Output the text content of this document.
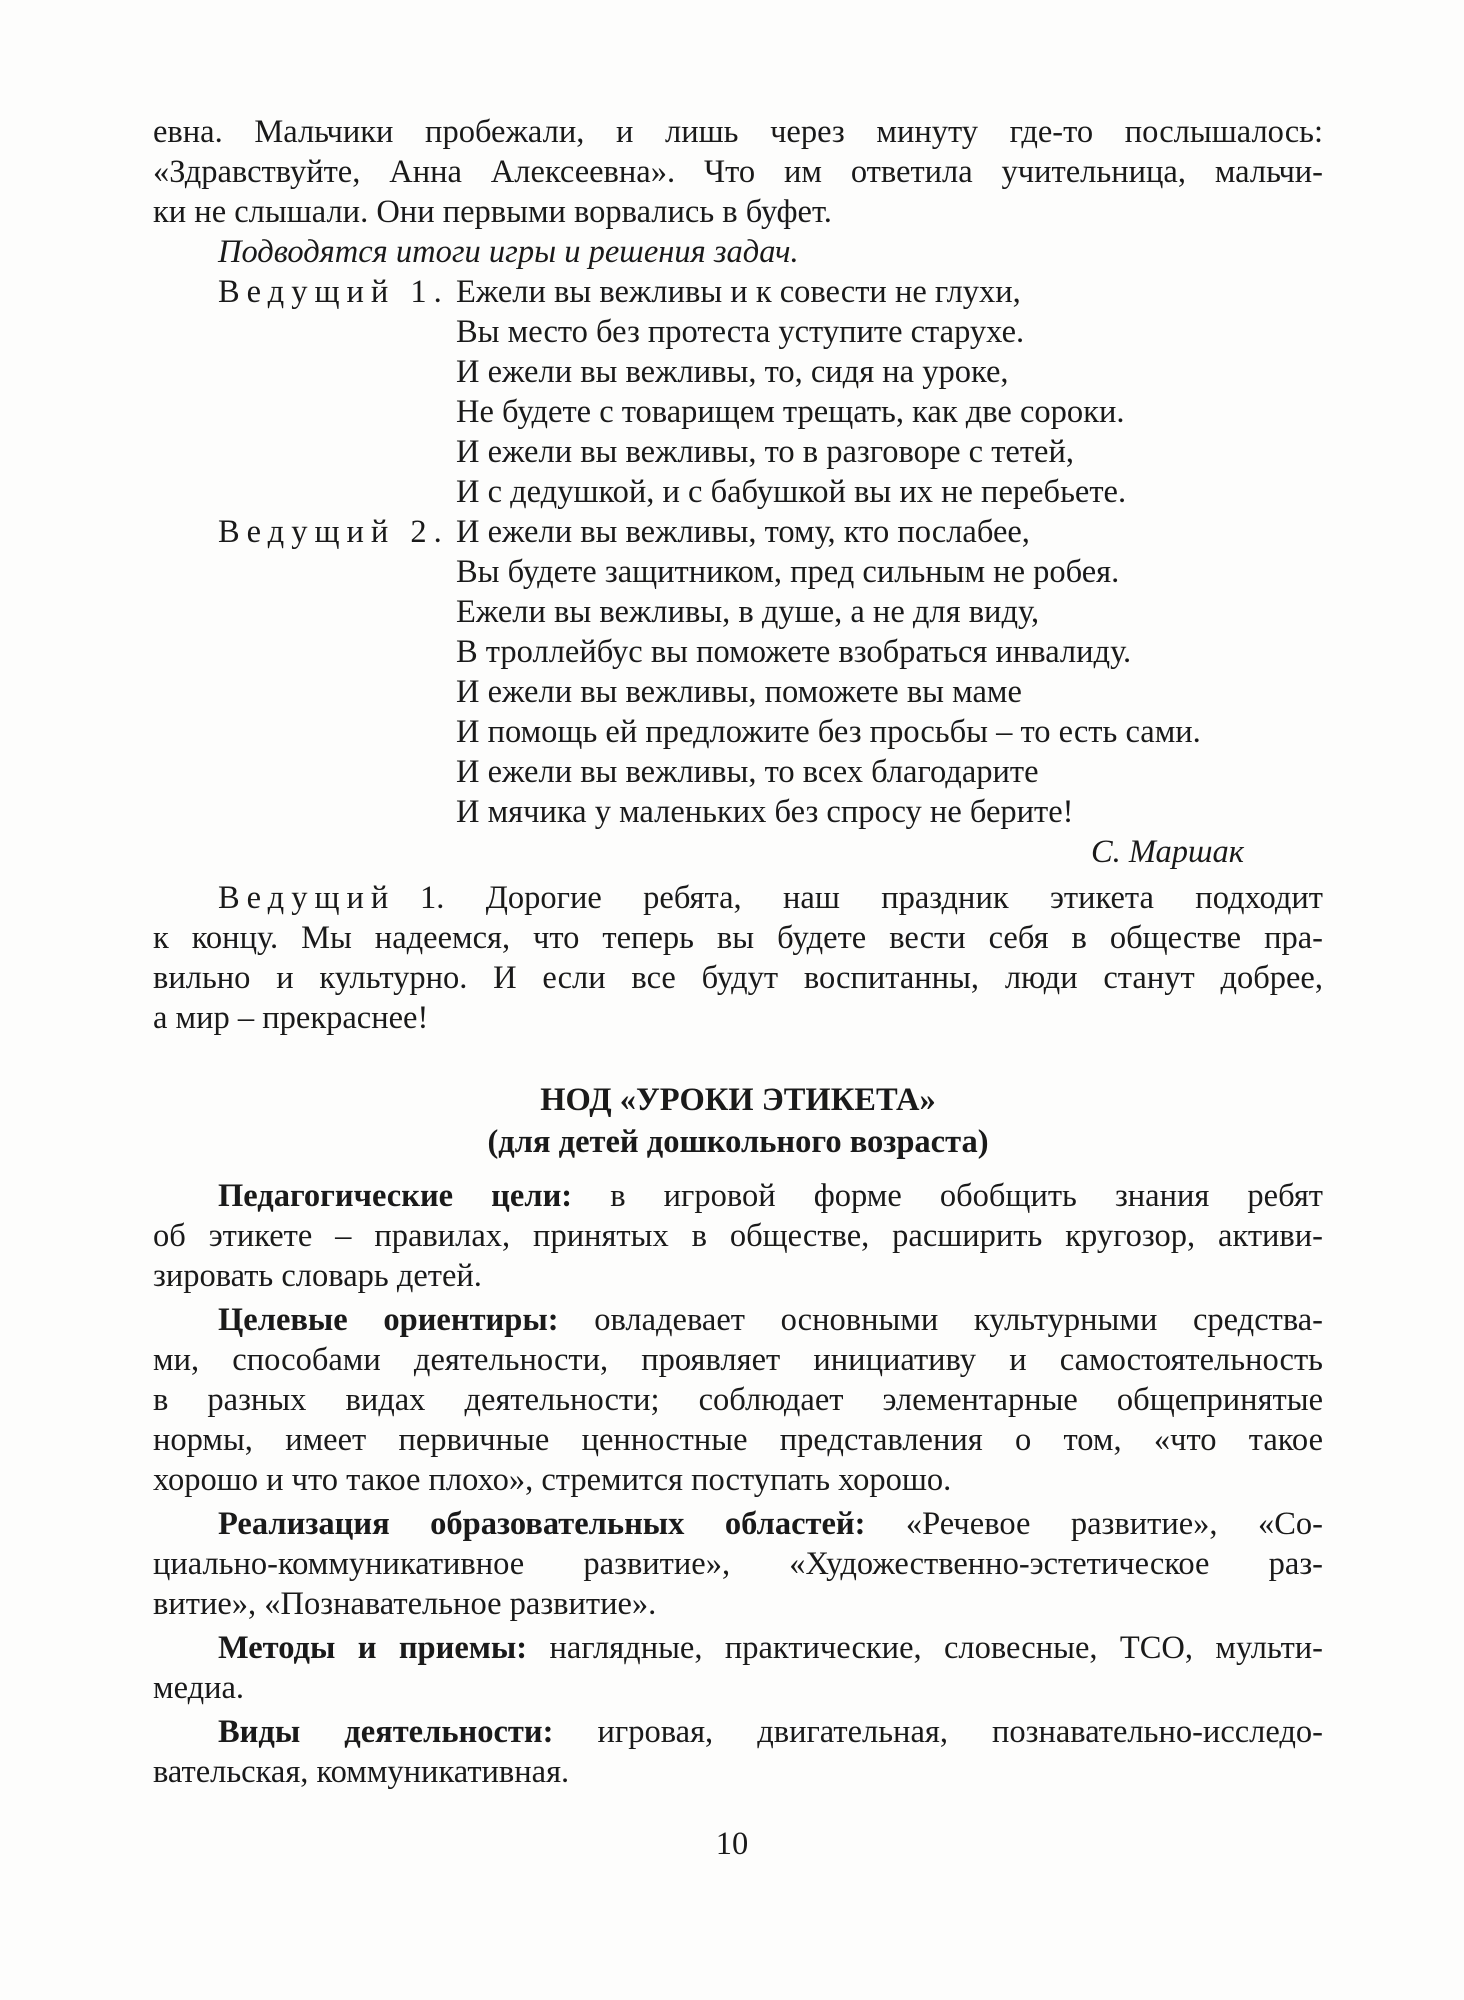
евна. Мальчики пробежали, и лишь через минуту где-то послышалось:
«Здравствуйте, Анна Алексеевна». Что им ответила учительница, мальчи-
ки не слышали. Они первыми ворвались в буфет.
Подводятся итоги игры и решения задач.
Ведущий 1. Ежели вы вежливы и к совести не глухи,
Вы место без протеста уступите старухе.
И ежели вы вежливы, то, сидя на уроке,
Не будете с товарищем трещать, как две сороки.
И ежели вы вежливы, то в разговоре с тетей,
И с дедушкой, и с бабушкой вы их не перебьете.
Ведущий 2. И ежели вы вежливы, тому, кто послабее,
Вы будете защитником, пред сильным не робея.
Ежели вы вежливы, в душе, а не для виду,
В троллейбус вы поможете взобраться инвалиду.
И ежели вы вежливы, поможете вы маме
И помощь ей предложите без просьбы – то есть сами.
И ежели вы вежливы, то всех благодарите
И мячика у маленьких без спросу не берите!
С. Маршак
Ведущий 1. Дорогие ребята, наш праздник этикета подходит
к концу. Мы надеемся, что теперь вы будете вести себя в обществе пра-
вильно и культурно. И если все будут воспитанны, люди станут добрее,
а мир – прекраснее!
НОД «УРОКИ ЭТИКЕТА»
(для детей дошкольного возраста)
Педагогические цели: в игровой форме обобщить знания ребят
об этикете – правилах, принятых в обществе, расширить кругозор, активи-
зировать словарь детей.
Целевые ориентиры: овладевает основными культурными средства-
ми, способами деятельности, проявляет инициативу и самостоятельность
в разных видах деятельности; соблюдает элементарные общепринятые
нормы, имеет первичные ценностные представления о том, «что такое
хорошо и что такое плохо», стремится поступать хорошо.
Реализация образовательных областей: «Речевое развитие», «Со-
циально-коммуникативное развитие», «Художественно-эстетическое раз-
витие», «Познавательное развитие».
Методы и приемы: наглядные, практические, словесные, ТСО, мульти-
медиа.
Виды деятельности: игровая, двигательная, познавательно-исследо-
вательская, коммуникативная.
10
